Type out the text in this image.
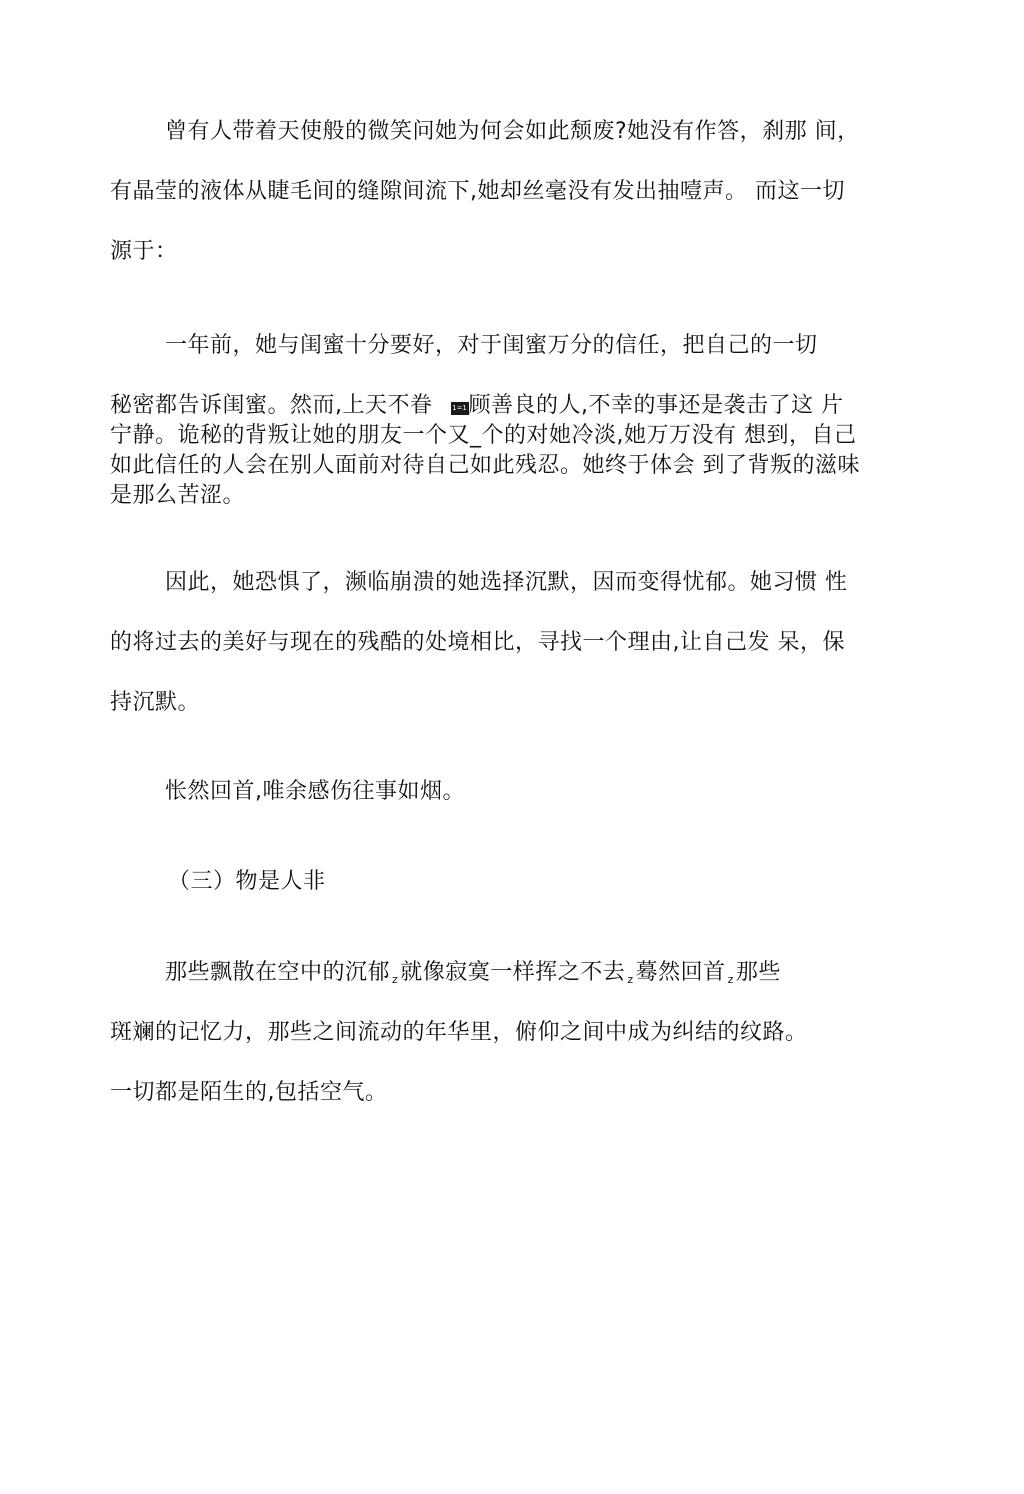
曾有人带着天使般的微笑问她为何会如此颓废?她没有作答，刹那 间，
有晶莹的液体从睫毛间的缝隙间流下,她却丝毫没有发出抽噎声。 而这一切
源于：
一年前，她与闺蜜十分要好，对于闺蜜万分的信任，把自己的一切
秘密都告诉闺蜜。然而,上天不眷	1=1顾善良的人,不幸的事还是袭击了这 片
宁静。诡秘的背叛让她的朋友一个又_个的对她冷淡,她万万没有 想到，自己
如此信任的人会在别人面前对待自己如此残忍。她终于体会 到了背叛的滋味
是那么苦涩。
因此，她恐惧了，濒临崩溃的她选择沉默，因而变得忧郁。她习惯 性
的将过去的美好与现在的残酷的处境相比，寻找一个理由,让自己发 呆，保
持沉默。
怅然回首,唯余感伤往事如烟。
（三）物是人非
那些飘散在空中的沉郁 $_z$就像寂寞一样挥之不去 $_z$蓦然回首 $_z$那些
斑斓的记忆力，那些之间流动的年华里，俯仰之间中成为纠结的纹路。
一切都是陌生的,包括空气。
